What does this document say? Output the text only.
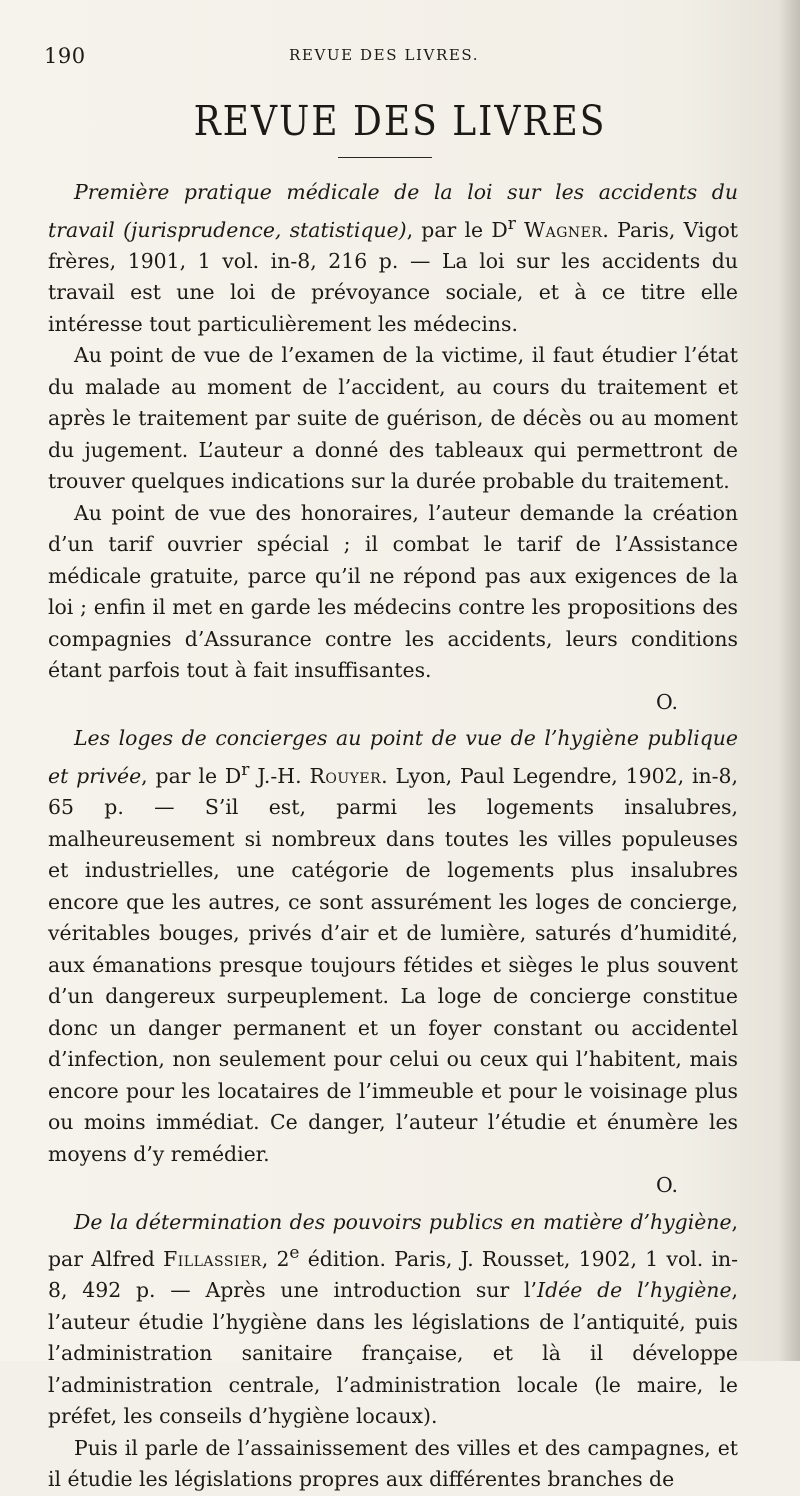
190	REVUE DES LIVRES.
REVUE DES LIVRES

Première pratique médicale de la loi sur les accidents du travail (jurisprudence, statistique), par le $D^r$ Wagner. Paris, Vigot frères, 1901, 1 vol. in-8, 216 p. — La loi sur les accidents du travail est une loi de prévoyance sociale, et à ce titre elle intéresse tout particulièrement les médecins.

Au point de vue de l’examen de la victime, il faut étudier l’état du malade au moment de l’accident, au cours du traitement et après le traitement par suite de guérison, de décès ou au moment du jugement. L’auteur a donné des tableaux qui permettront de trouver quelques indications sur la durée probable du traitement.

Au point de vue des honoraires, l’auteur demande la création d’un tarif ouvrier spécial ; il combat le tarif de l’Assistance médicale gratuite, parce qu’il ne répond pas aux exigences de la loi ; enfin il met en garde les médecins contre les propositions des compagnies d’Assurance contre les accidents, leurs conditions étant parfois tout à fait insuffisantes.

O.

Les loges de concierges au point de vue de l’hygiène publique et privée, par le $D^r$ J.-H. Rouyer. Lyon, Paul Legendre, 1902, in-8, 65 p. — S’il est, parmi les logements insalubres, malheureusement si nombreux dans toutes les villes populeuses et industrielles, une catégorie de logements plus insalubres encore que les autres, ce sont assurément les loges de concierge, véritables bouges, privés d’air et de lumière, saturés d’humidité, aux émanations presque toujours fétides et sièges le plus souvent d’un dangereux surpeuplement. La loge de concierge constitue donc un danger permanent et un foyer constant ou accidentel d’infection, non seulement pour celui ou ceux qui l’habitent, mais encore pour les locataires de l’immeuble et pour le voisinage plus ou moins immédiat. Ce danger, l’auteur l’étudie et énumère les moyens d’y remédier.

O.

De la détermination des pouvoirs publics en matière d’hygiène, par Alfred Fillassier, 2e édition. Paris, J. Rousset, 1902, 1 vol. in-8, 492 p. — Après une introduction sur l’Idée de l’hygiène, l’auteur étudie l’hygiène dans les législations de l’antiquité, puis l’administration sanitaire française, et là il développe l’administration centrale, l’administration locale (le maire, le préfet, les conseils d’hygiène locaux).

Puis il parle de l’assainissement des villes et des campagnes, et il étudie les législations propres aux différentes branches de
